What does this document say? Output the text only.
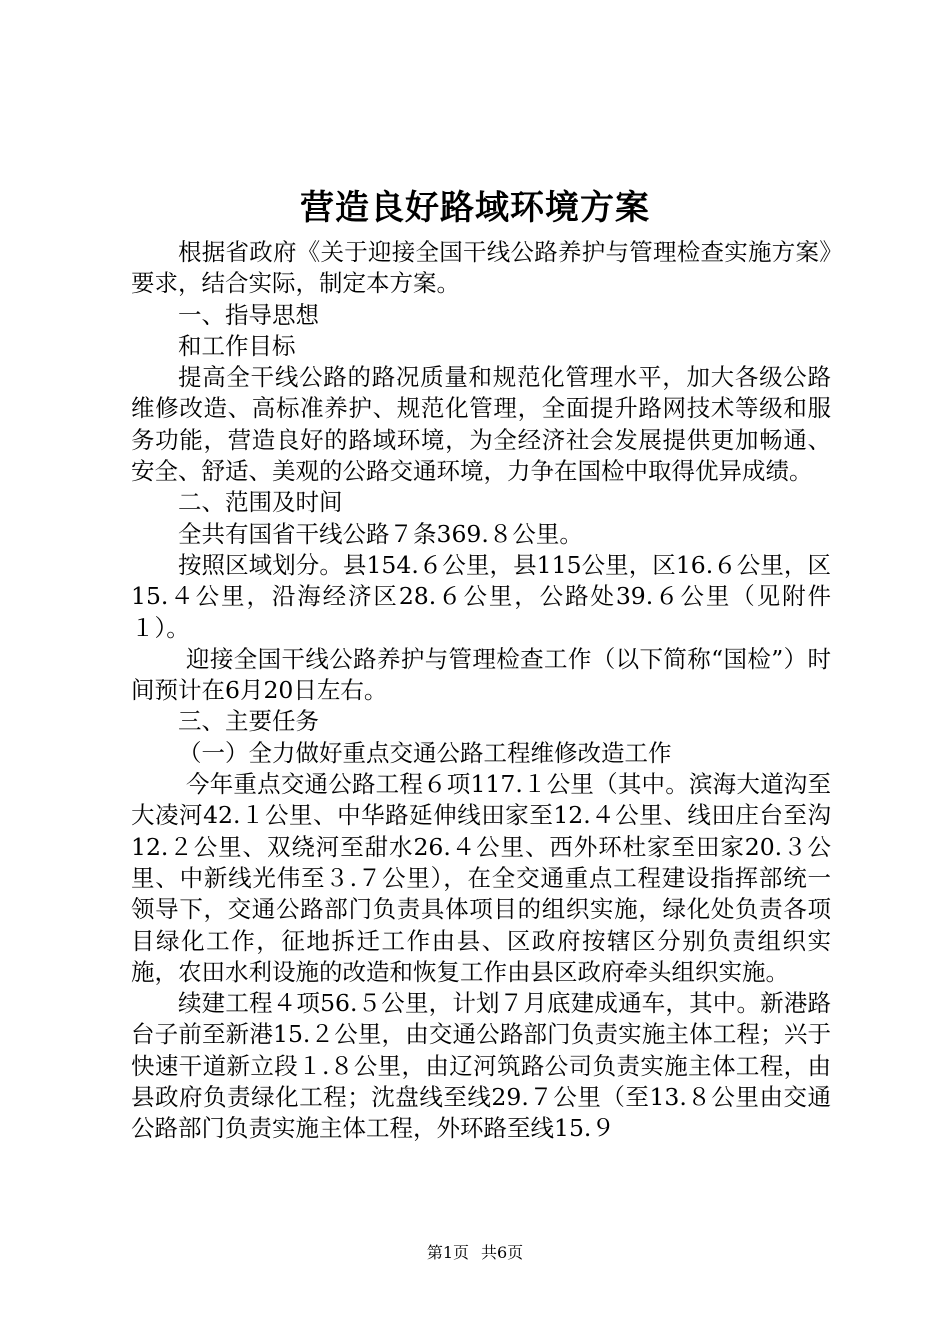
营造良好路域环境方案

根据省政府《关于迎接全国干线公路养护与管理检查实施方案》要求，结合实际，制定本方案。

一、指导思想

和工作目标

提高全干线公路的路况质量和规范化管理水平，加大各级公路维修改造、高标准养护、规范化管理，全面提升路网技术等级和服务功能，营造良好的路域环境，为全经济社会发展提供更加畅通、安全、舒适、美观的公路交通环境，力争在国检中取得优异成绩。

二、范围及时间

全共有国省干线公路７条369.８公里。

按照区域划分。县154.６公里，县115公里，区16.６公里，区15.４公里，沿海经济区28.６公里，公路处39.６公里（见附件１）。

迎接全国干线公路养护与管理检查工作（以下简称“国检”）时间预计在6月20日左右。

三、主要任务

（一）全力做好重点交通公路工程维修改造工作

今年重点交通公路工程６项117.１公里（其中。滨海大道沟至大凌河42.１公里、中华路延伸线田家至12.４公里、线田庄台至沟12.２公里、双绕河至甜水26.４公里、西外环杜家至田家20.３公里、中新线光伟至３.７公里），在全交通重点工程建设指挥部统一领导下，交通公路部门负责具体项目的组织实施，绿化处负责各项目绿化工作，征地拆迁工作由县、区政府按辖区分别负责组织实施，农田水利设施的改造和恢复工作由县区政府牵头组织实施。

续建工程４项56.５公里，计划７月底建成通车，其中。新港路台子前至新港15.２公里，由交通公路部门负责实施主体工程；兴于快速干道新立段１.８公里，由辽河筑路公司负责实施主体工程，由县政府负责绿化工程；沈盘线至线29.７公里（至13.８公里由交通公路部门负责实施主体工程，外环路至线15.９

第1页 共6页
